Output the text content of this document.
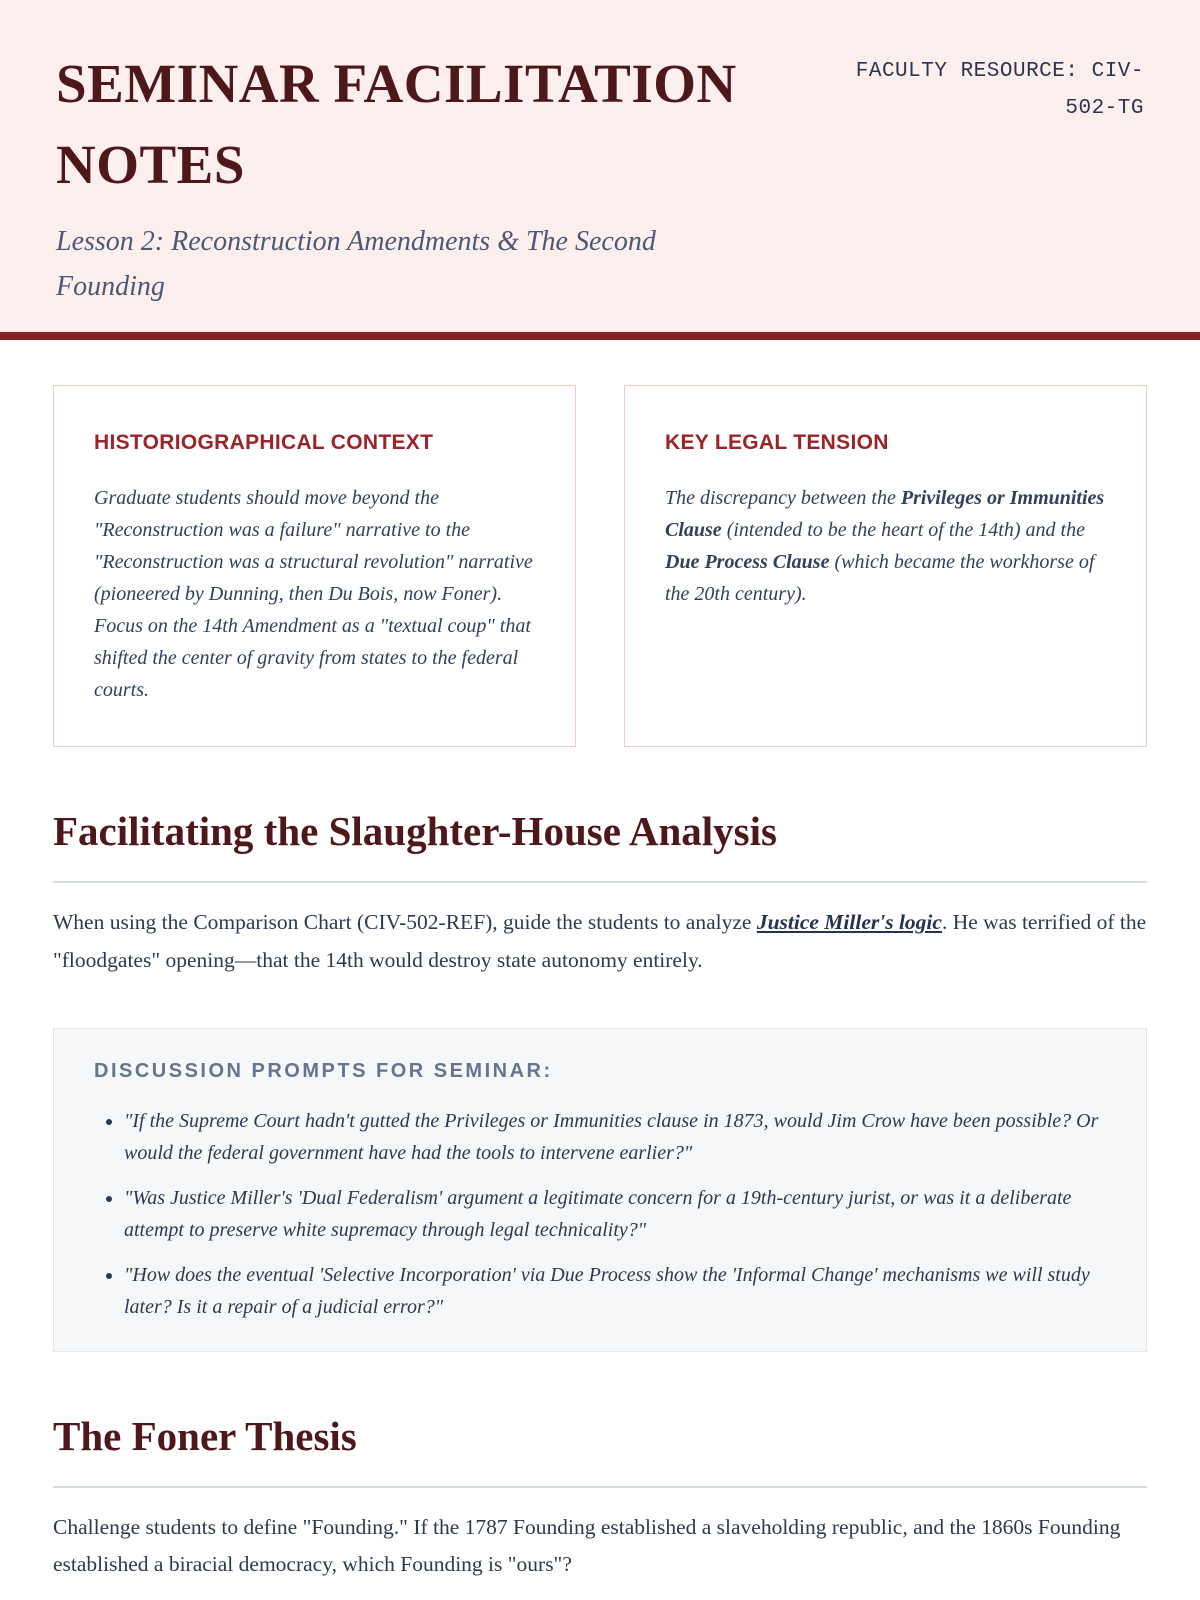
SEMINAR FACILITATION NOTES

Lesson 2: Reconstruction Amendments & The Second Founding

FACULTY RESOURCE: CIV-502-TG
HISTORIOGRAPHICAL CONTEXT

Graduate students should move beyond the "Reconstruction was a failure" narrative to the "Reconstruction was a structural revolution" narrative (pioneered by Dunning, then Du Bois, now Foner). Focus on the 14th Amendment as a "textual coup" that shifted the center of gravity from states to the federal courts.

KEY LEGAL TENSION

The discrepancy between the Privileges or Immunities Clause (intended to be the heart of the 14th) and the Due Process Clause (which became the workhorse of the 20th century).

Facilitating the Slaughter-House Analysis

When using the Comparison Chart (CIV-502-REF), guide the students to analyze Justice Miller's logic. He was terrified of the "floodgates" opening—that the 14th would destroy state autonomy entirely.

DISCUSSION PROMPTS FOR SEMINAR:
• "If the Supreme Court hadn't gutted the Privileges or Immunities clause in 1873, would Jim Crow have been possible? Or would the federal government have had the tools to intervene earlier?"
• "Was Justice Miller's 'Dual Federalism' argument a legitimate concern for a 19th-century jurist, or was it a deliberate attempt to preserve white supremacy through legal technicality?"
• "How does the eventual 'Selective Incorporation' via Due Process show the 'Informal Change' mechanisms we will study later? Is it a repair of a judicial error?"
The Foner Thesis

Challenge students to define "Founding." If the 1787 Founding established a slaveholding republic, and the 1860s Founding established a biracial democracy, which Founding is "ours"?
